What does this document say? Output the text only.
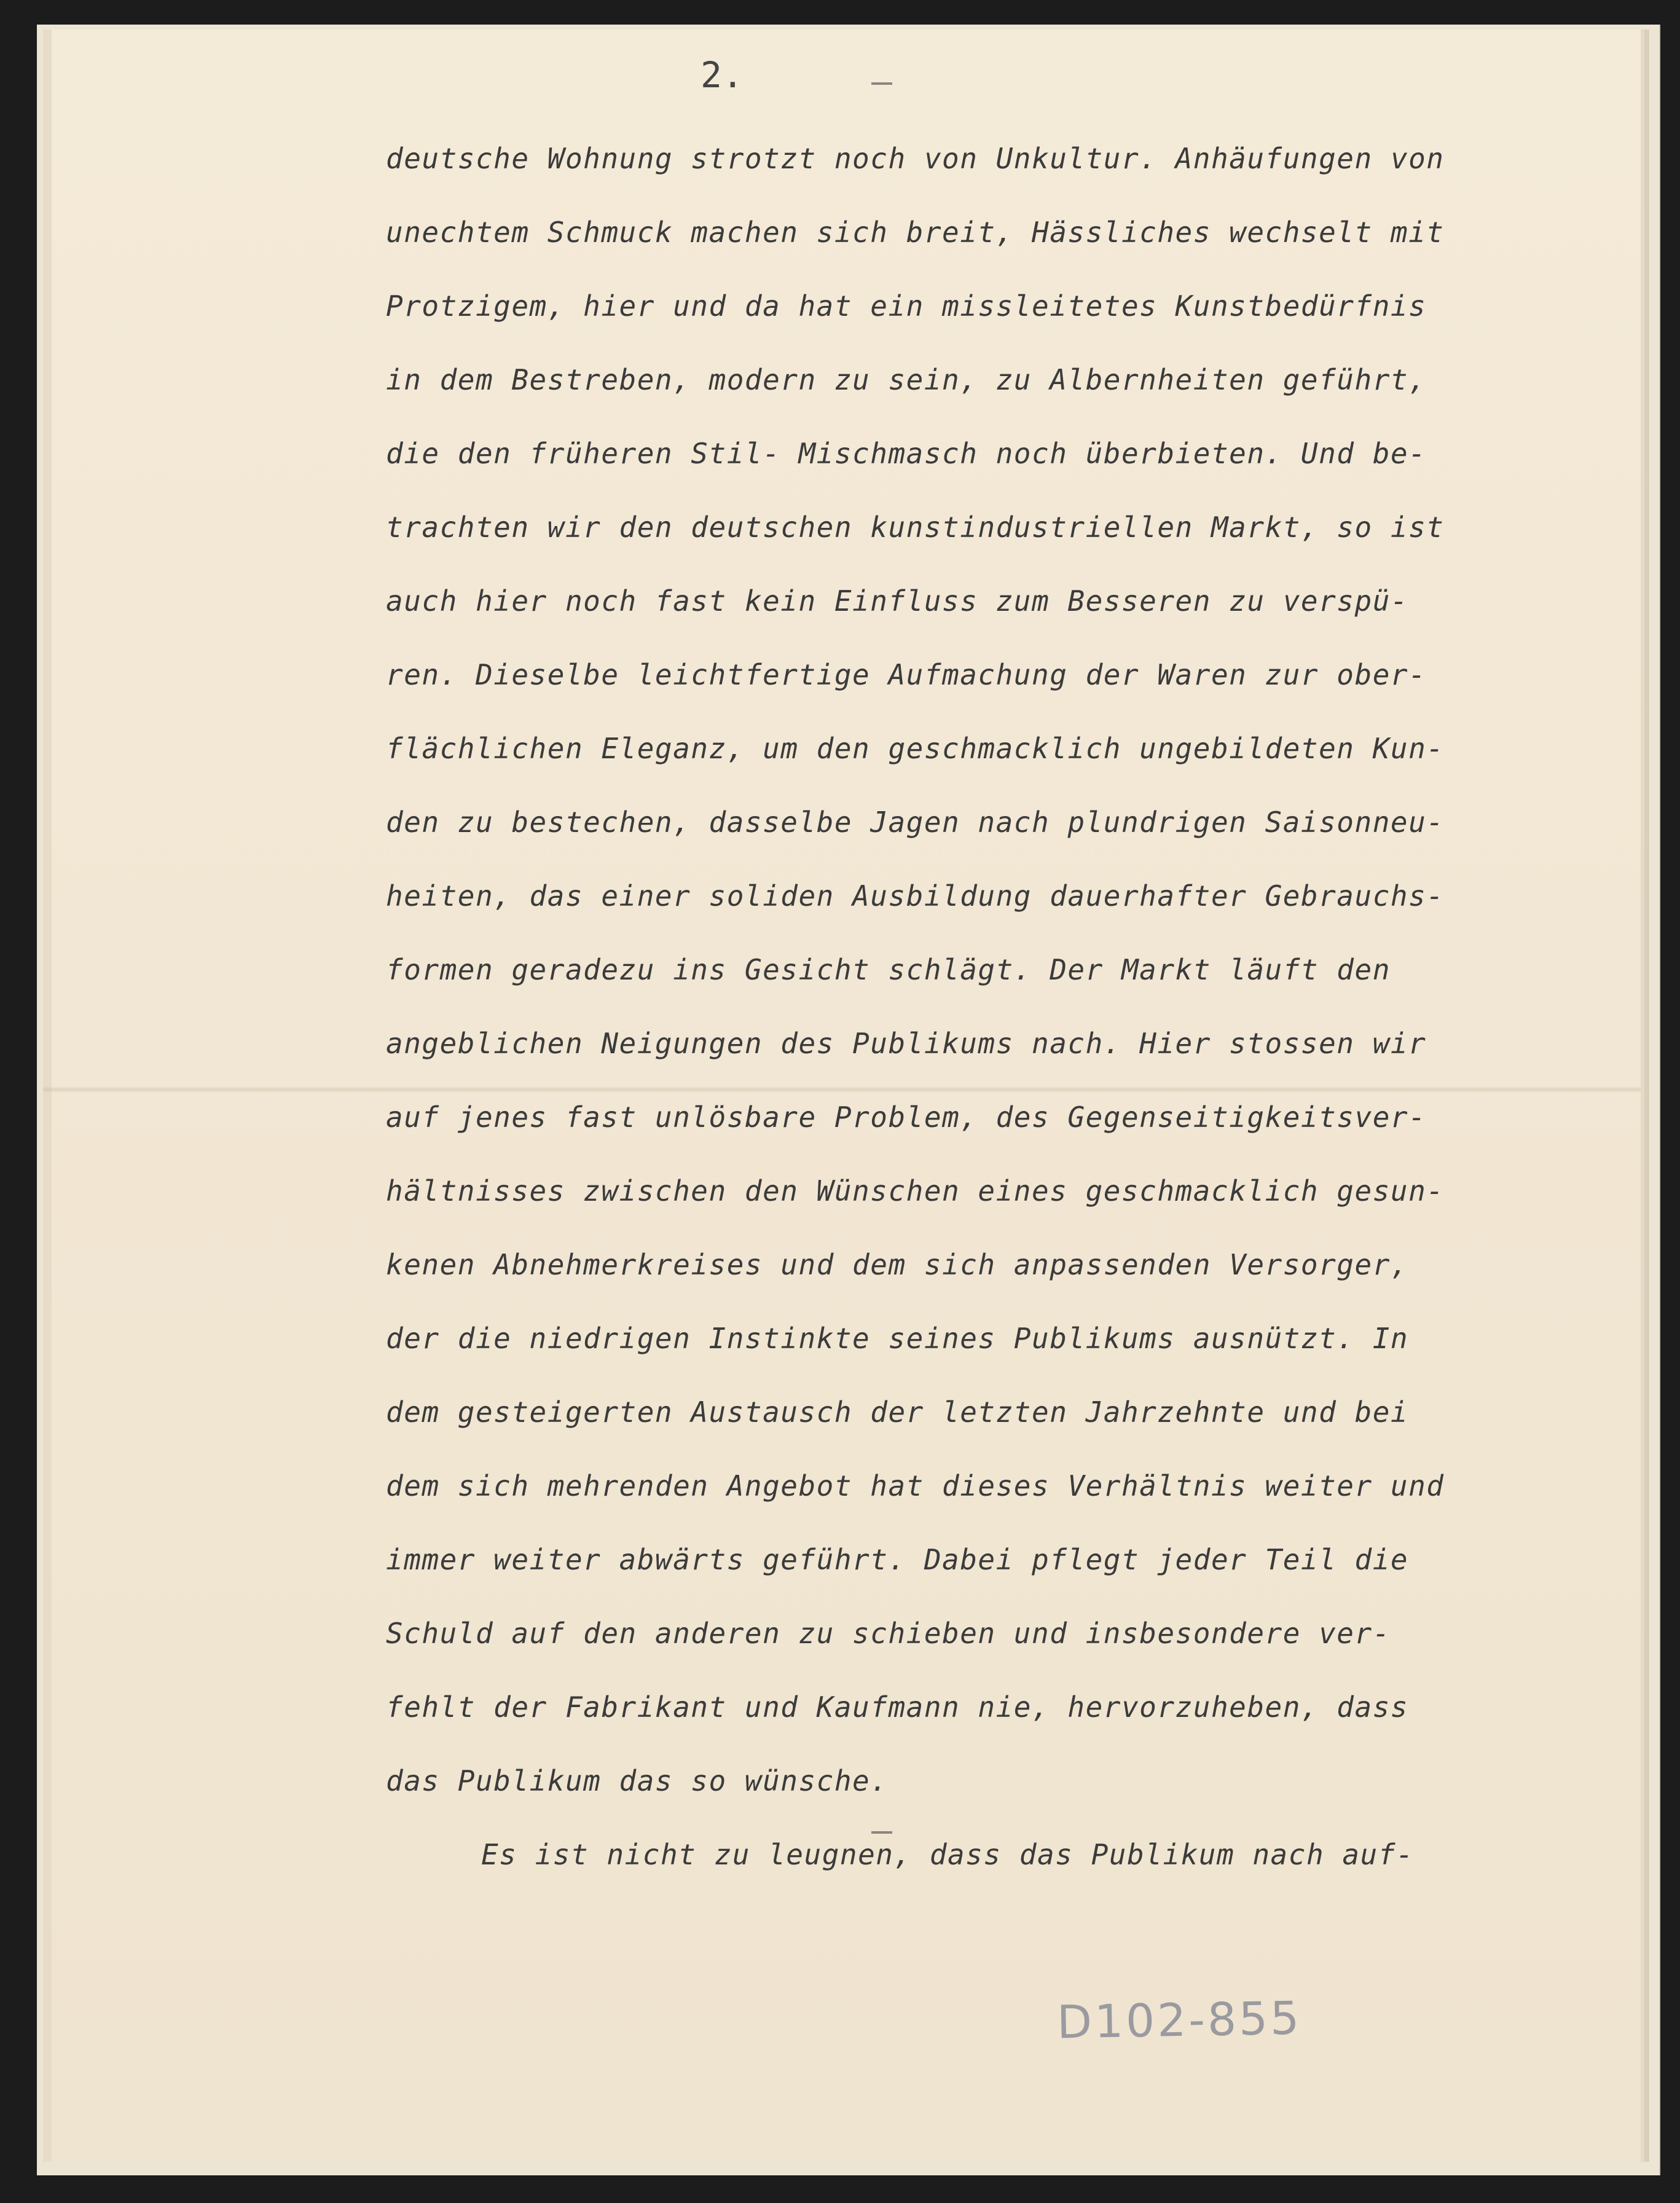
2.

deutsche Wohnung strotzt noch von Unkultur. Anhäufungen von

unechtem Schmuck machen sich breit, Hässliches wechselt mit

Protzigem, hier und da hat ein missleitetes Kunstbedürfnis

in dem Bestreben, modern zu sein, zu Albernheiten geführt,

die den früheren Stil- Mischmasch noch überbieten. Und be-

trachten wir den deutschen kunstindustriellen Markt, so ist

auch hier noch fast kein Einfluss zum Besseren zu verspü-

ren. Dieselbe leichtfertige Aufmachung der Waren zur ober-

flächlichen Eleganz, um den geschmacklich ungebildeten Kun-

den zu bestechen, dasselbe Jagen nach plundrigen Saisonneu-

heiten, das einer soliden Ausbildung dauerhafter Gebrauchs-

formen geradezu ins Gesicht schlägt. Der Markt läuft den

angeblichen Neigungen des Publikums nach. Hier stossen wir

auf jenes fast unlösbare Problem, des Gegenseitigkeitsver-

hältnisses zwischen den Wünschen eines geschmacklich gesun-

kenen Abnehmerkreises und dem sich anpassenden Versorger,

der die niedrigen Instinkte seines Publikums ausnützt. In

dem gesteigerten Austausch der letzten Jahrzehnte und bei

dem sich mehrenden Angebot hat dieses Verhältnis weiter und

immer weiter abwärts geführt. Dabei pflegt jeder Teil die

Schuld auf den anderen zu schieben und insbesondere ver-

fehlt der Fabrikant und Kaufmann nie, hervorzuheben, dass

das Publikum das so wünsche.

Es ist nicht zu leugnen, dass das Publikum nach auf-

D102-855
